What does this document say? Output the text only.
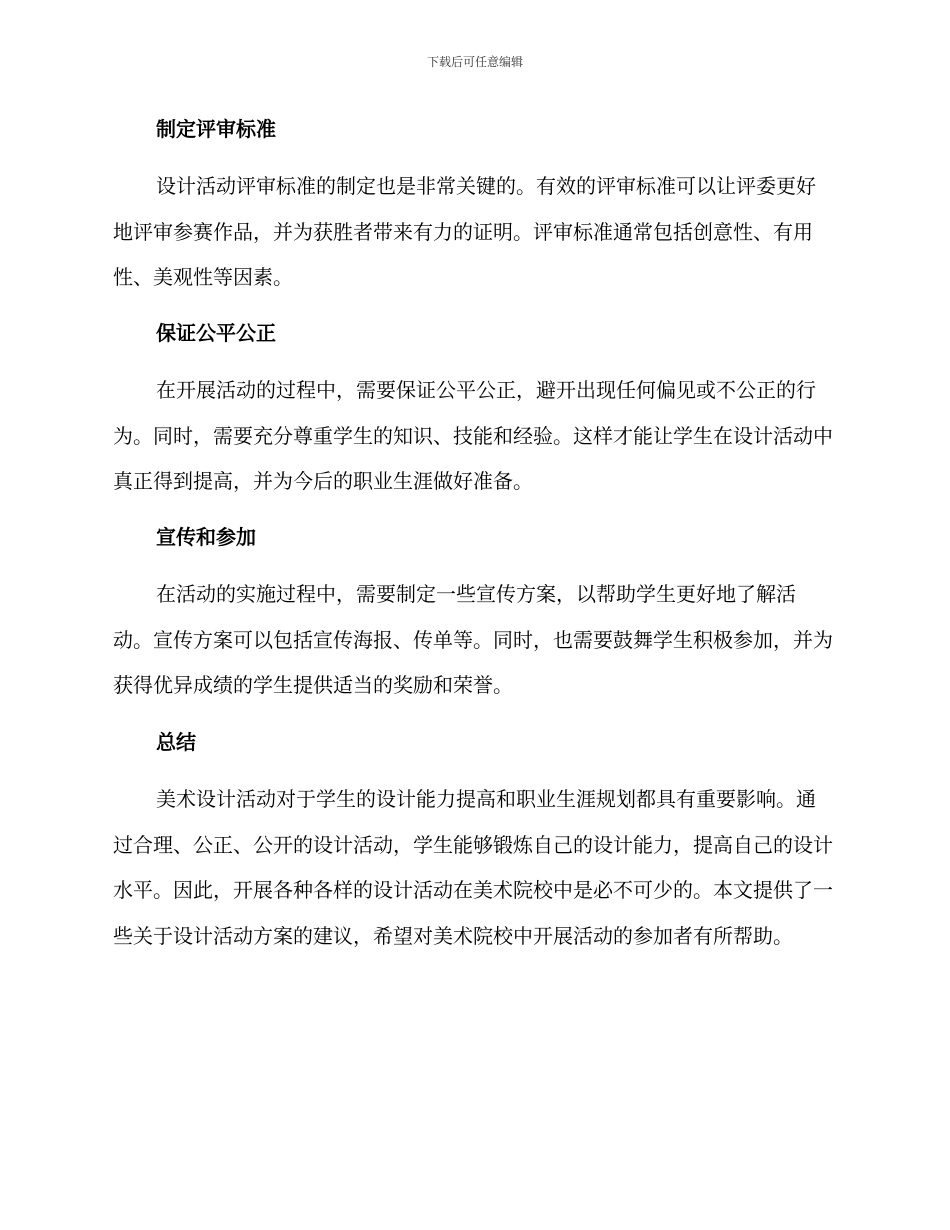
下载后可任意编辑
制定评审标准
设计活动评审标准的制定也是非常关键的。有效的评审标准可以让评委更好地评审参赛作品，并为获胜者带来有力的证明。评审标准通常包括创意性、有用性、美观性等因素。
保证公平公正
在开展活动的过程中，需要保证公平公正，避开出现任何偏见或不公正的行为。同时，需要充分尊重学生的知识、技能和经验。这样才能让学生在设计活动中真正得到提高，并为今后的职业生涯做好准备。
宣传和参加
在活动的实施过程中，需要制定一些宣传方案，以帮助学生更好地了解活动。宣传方案可以包括宣传海报、传单等。同时，也需要鼓舞学生积极参加，并为获得优异成绩的学生提供适当的奖励和荣誉。
总结
美术设计活动对于学生的设计能力提高和职业生涯规划都具有重要影响。通过合理、公正、公开的设计活动，学生能够锻炼自己的设计能力，提高自己的设计水平。因此，开展各种各样的设计活动在美术院校中是必不可少的。本文提供了一些关于设计活动方案的建议，希望对美术院校中开展活动的参加者有所帮助。
